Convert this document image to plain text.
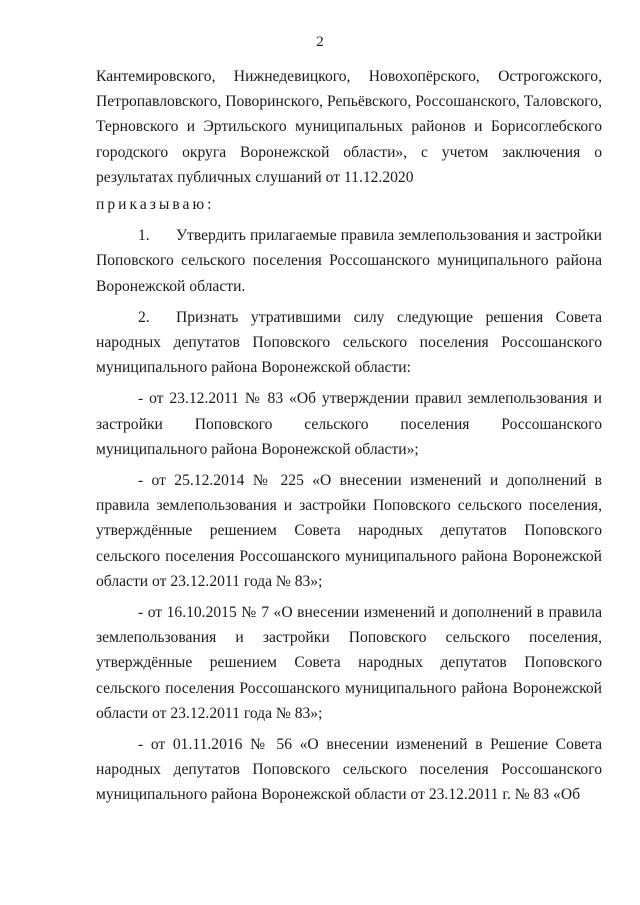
2

Кантемировского, Нижнедевицкого, Новохопёрского, Острогожского, Петропавловского, Поворинского, Репьёвского, Россошанского, Таловского, Терновского и Эртильского муниципальных районов и Борисоглебского городского округа Воронежской области», с учетом заключения о результатах публичных слушаний от 11.12.2020

приказываю:

1. Утвердить прилагаемые правила землепользования и застройки Поповского сельского поселения Россошанского муниципального района Воронежской области.

2. Признать утратившими силу следующие решения Совета народных депутатов Поповского сельского поселения Россошанского муниципального района Воронежской области:

- от 23.12.2011 № 83 «Об утверждении правил землепользования и застройки Поповского сельского поселения Россошанского муниципального района Воронежской области»;

- от 25.12.2014 № 225 «О внесении изменений и дополнений в правила землепользования и застройки Поповского сельского поселения, утверждённые решением Совета народных депутатов Поповского сельского поселения Россошанского муниципального района Воронежской области от 23.12.2011 года № 83»;

- от 16.10.2015 № 7 «О внесении изменений и дополнений в правила землепользования и застройки Поповского сельского поселения, утверждённые решением Совета народных депутатов Поповского сельского поселения Россошанского муниципального района Воронежской области от 23.12.2011 года № 83»;

- от 01.11.2016 № 56 «О внесении изменений в Решение Совета народных депутатов Поповского сельского поселения Россошанского муниципального района Воронежской области от 23.12.2011 г. № 83 «Об
